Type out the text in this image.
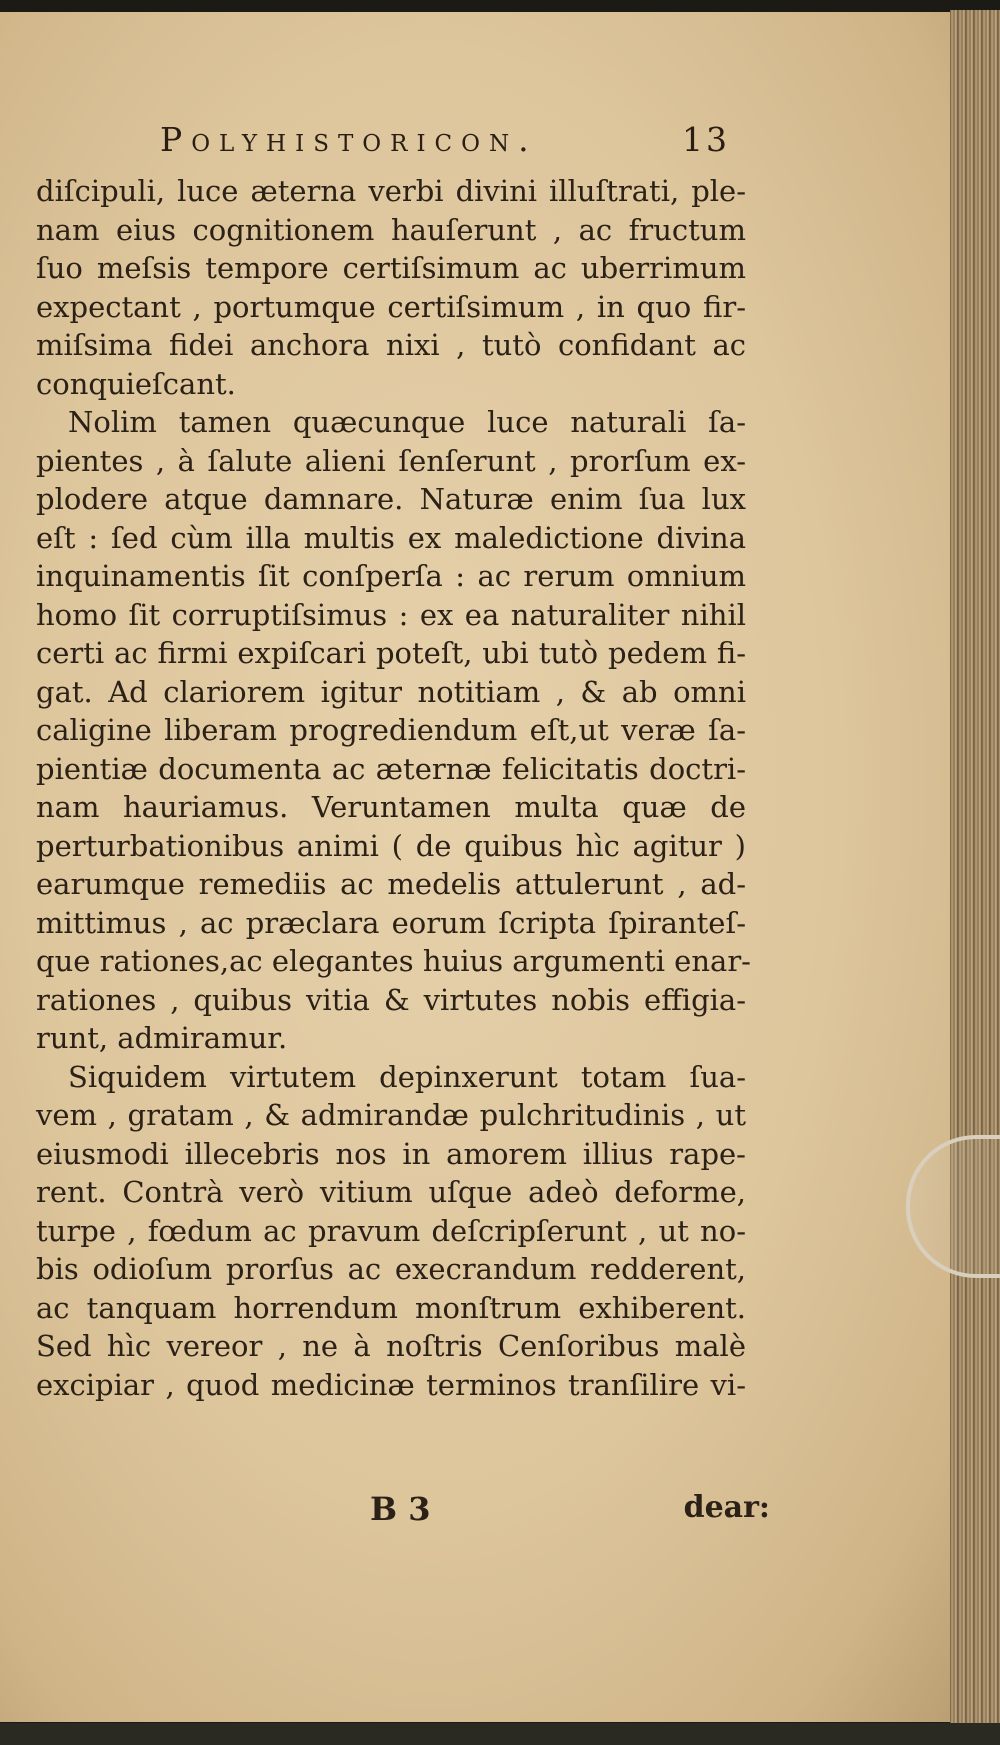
Polyhistoricon.	13
diſcipuli, luce æterna verbi divini illuſtrati, ple-
nam eius cognitionem hauſerunt , ac fructum
ſuo meſsis tempore certiſsimum ac uberrimum
expectant , portumque certiſsimum , in quo fir-
miſsima fidei anchora nixi , tutò confidant ac
conquieſcant.
Nolim tamen quæcunque luce naturali ſa-
pientes , à ſalute alieni ſenſerunt , prorſum ex-
plodere atque damnare. Naturæ enim ſua lux
eſt : ſed cùm illa multis ex maledictione divina
inquinamentis ſit conſperſa : ac rerum omnium
homo ſit corruptiſsimus : ex ea naturaliter nihil
certi ac firmi expiſcari poteſt, ubi tutò pedem fi-
gat. Ad clariorem igitur notitiam , & ab omni
caligine liberam progrediendum eſt,ut veræ ſa-
pientiæ documenta ac æternæ felicitatis doctri-
nam hauriamus. Veruntamen multa quæ de
perturbationibus animi ( de quibus hìc agitur )
earumque remediis ac medelis attulerunt , ad-
mittimus , ac præclara eorum ſcripta ſpiranteſ-
que rationes,ac elegantes huius argumenti enar-
rationes , quibus vitia & virtutes nobis effigia-
runt, admiramur.
Siquidem virtutem depinxerunt totam ſua-
vem , gratam , & admirandæ pulchritudinis , ut
eiusmodi illecebris nos in amorem illius rape-
rent. Contrà verò vitium uſque adeò deforme,
turpe , fœdum ac pravum deſcripſerunt , ut no-
bis odioſum prorſus ac execrandum redderent,
ac tanquam horrendum monſtrum exhiberent.
Sed hìc vereor , ne à noſtris Cenſoribus malè
excipiar , quod medicinæ terminos tranſilire vi-
B 3	dear:
